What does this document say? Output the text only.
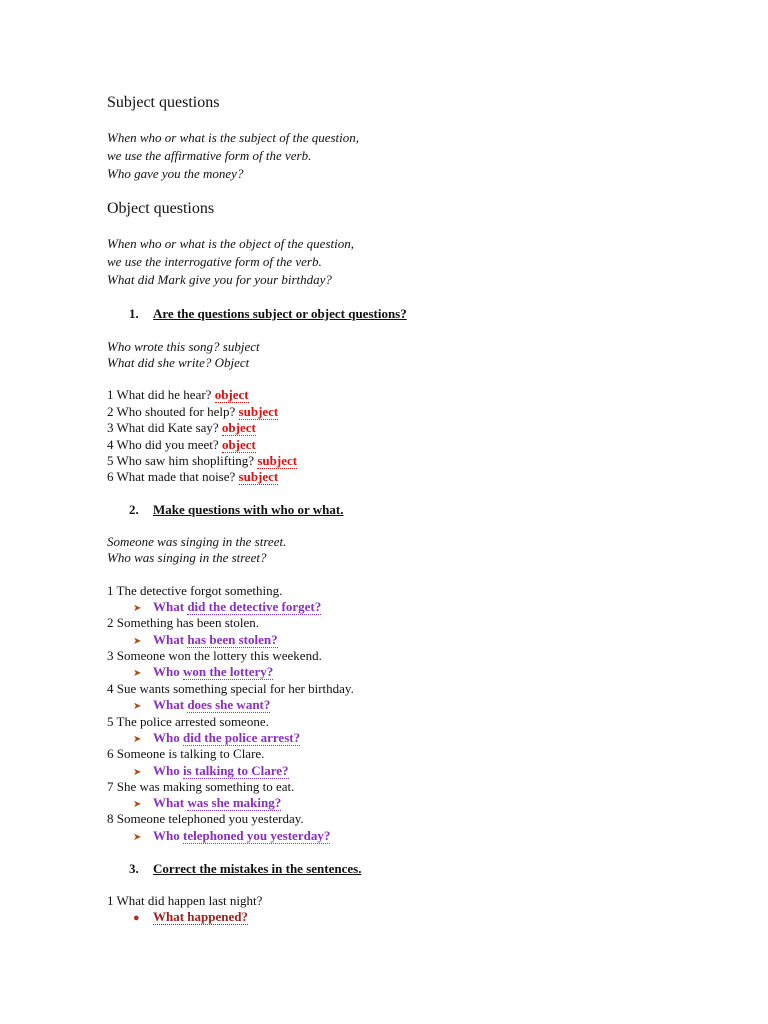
Subject questions
When who or what is the subject of the question,
we use the affirmative form of the verb.
Who gave you the money?
Object questions
When who or what is the object of the question,
we use the interrogative form of the verb.
What did Mark give you for your birthday?
1. Are the questions subject or object questions?
Who wrote this song? subject
What did she write? Object
1 What did he hear? object
2 Who shouted for help? subject
3 What did Kate say? object
4 Who did you meet? object
5 Who saw him shoplifting? subject
6 What made that noise? subject
2. Make questions with who or what.
Someone was singing in the street.
Who was singing in the street?
1 The detective forgot something.
➤ What did the detective forget?
2 Something has been stolen.
➤ What has been stolen?
3 Someone won the lottery this weekend.
➤ Who won the lottery?
4 Sue wants something special for her birthday.
➤ What does she want?
5 The police arrested someone.
➤ Who did the police arrest?
6 Someone is talking to Clare.
➤ Who is talking to Clare?
7 She was making something to eat.
➤ What was she making?
8 Someone telephoned you yesterday.
➤ Who telephoned you yesterday?
3. Correct the mistakes in the sentences.
1 What did happen last night?
● What happened?
